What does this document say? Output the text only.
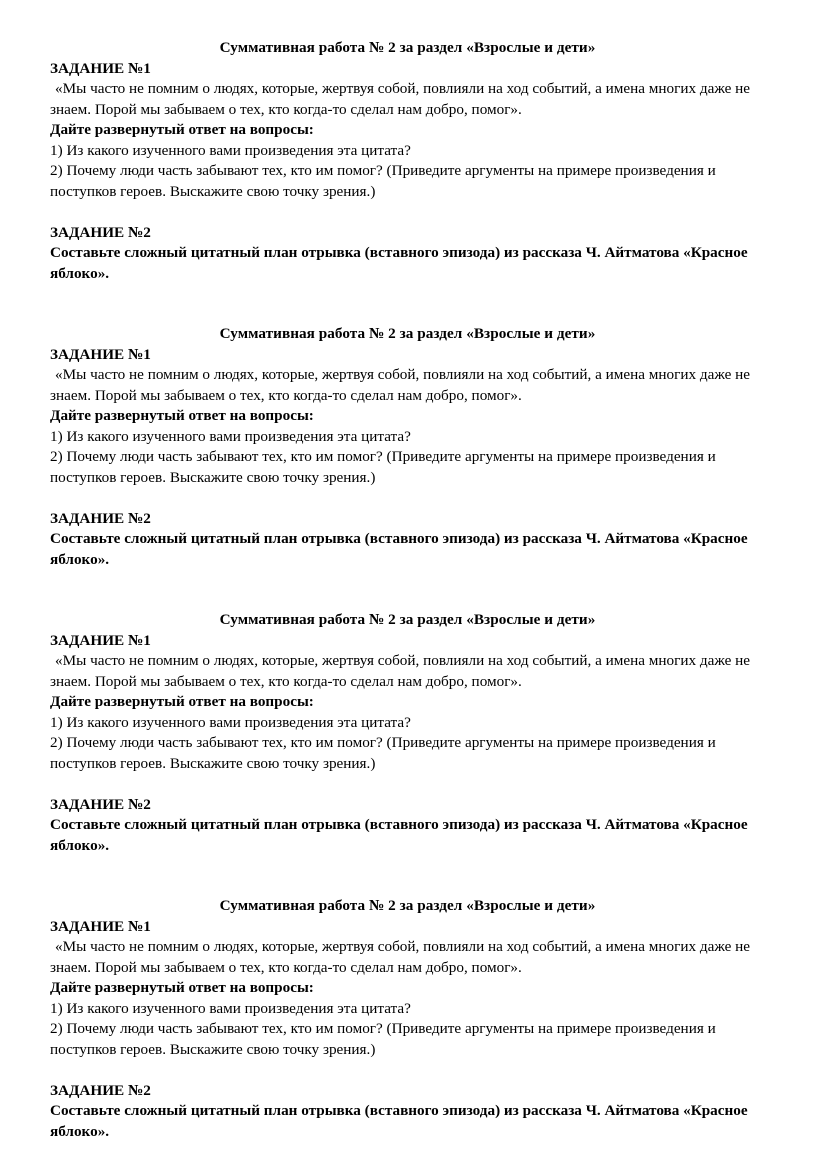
Суммативная работа № 2 за раздел «Взрослые и дети»

ЗАДАНИЕ №1

«Мы часто не помним о людях, которые, жертвуя собой, повлияли на ход событий, а имена многих даже не знаем. Порой мы забываем о тех, кто когда-то сделал нам добро, помог».

Дайте развернутый ответ на вопросы:

1) Из какого изученного вами произведения эта цитата?

2) Почему люди часть забывают тех, кто им помог? (Приведите аргументы на примере произведения и поступков героев. Выскажите свою точку зрения.)

ЗАДАНИЕ №2

Составьте сложный цитатный план отрывка (вставного эпизода) из рассказа Ч. Айтматова «Красное яблоко».

Суммативная работа № 2 за раздел «Взрослые и дети»

ЗАДАНИЕ №1

«Мы часто не помним о людях, которые, жертвуя собой, повлияли на ход событий, а имена многих даже не знаем. Порой мы забываем о тех, кто когда-то сделал нам добро, помог».

Дайте развернутый ответ на вопросы:

1) Из какого изученного вами произведения эта цитата?

2) Почему люди часть забывают тех, кто им помог? (Приведите аргументы на примере произведения и поступков героев. Выскажите свою точку зрения.)

ЗАДАНИЕ №2

Составьте сложный цитатный план отрывка (вставного эпизода) из рассказа Ч. Айтматова «Красное яблоко».

Суммативная работа № 2 за раздел «Взрослые и дети»

ЗАДАНИЕ №1

«Мы часто не помним о людях, которые, жертвуя собой, повлияли на ход событий, а имена многих даже не знаем. Порой мы забываем о тех, кто когда-то сделал нам добро, помог».

Дайте развернутый ответ на вопросы:

1) Из какого изученного вами произведения эта цитата?

2) Почему люди часть забывают тех, кто им помог? (Приведите аргументы на примере произведения и поступков героев. Выскажите свою точку зрения.)

ЗАДАНИЕ №2

Составьте сложный цитатный план отрывка (вставного эпизода) из рассказа Ч. Айтматова «Красное яблоко».

Суммативная работа № 2 за раздел «Взрослые и дети»

ЗАДАНИЕ №1

«Мы часто не помним о людях, которые, жертвуя собой, повлияли на ход событий, а имена многих даже не знаем. Порой мы забываем о тех, кто когда-то сделал нам добро, помог».

Дайте развернутый ответ на вопросы:

1) Из какого изученного вами произведения эта цитата?

2) Почему люди часть забывают тех, кто им помог? (Приведите аргументы на примере произведения и поступков героев. Выскажите свою точку зрения.)

ЗАДАНИЕ №2

Составьте сложный цитатный план отрывка (вставного эпизода) из рассказа Ч. Айтматова «Красное яблоко».
